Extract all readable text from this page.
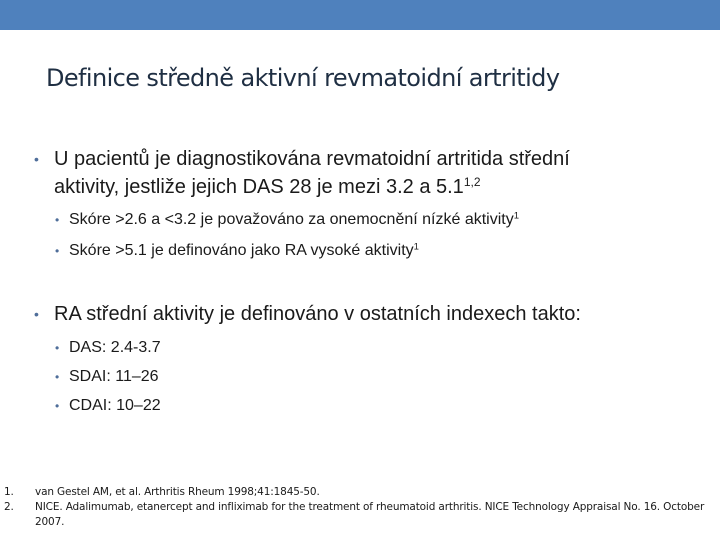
Definice středně aktivní revmatoidní artritidy
• U pacientů je diagnostikována revmatoidní artritida střední
aktivity, jestliže jejich DAS 28 je mezi 3.2 a 5.1$^{1,2}$
• Skóre >2.6 a <3.2 je považováno za onemocnění nízké aktivity$^1$
• Skóre >5.1 je definováno jako RA vysoké aktivity$^1$
• RA střední aktivity je definováno v ostatních indexech takto:
• DAS: 2.4-3.7
• SDAI: 11–26
• CDAI: 10–22
1. van Gestel AM, et al. Arthritis Rheum 1998;41:1845-50.
2. NICE. Adalimumab, etanercept and infliximab for the treatment of rheumatoid arthritis. NICE Technology Appraisal No. 16. October 2007.
